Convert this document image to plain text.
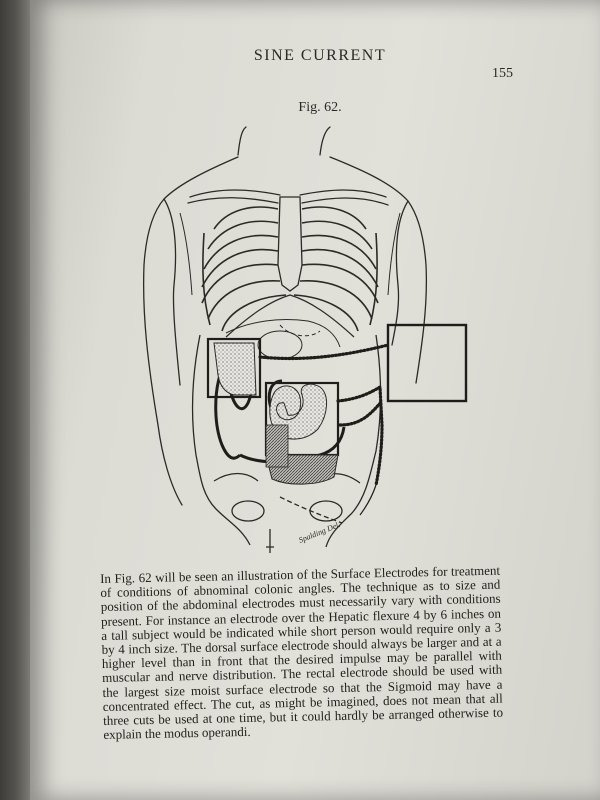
SINE CURRENT
155
Fig. 62.
Spalding Del.

In Fig. 62 will be seen an illustration of the Surface Electrodes for treatment of conditions of abnominal colonic angles. The technique as to size and position of the abdominal electrodes must necessarily vary with conditions present. For instance an electrode over the Hepatic flexure 4 by 6 inches on a tall subject would be indicated while short person would require only a 3 by 4 inch size. The dorsal surface electrode should always be larger and at a higher level than in front that the desired impulse may be parallel with muscular and nerve distribution. The rectal electrode should be used with the largest size moist surface electrode so that the Sigmoid may have a concentrated effect. The cut, as might be imagined, does not mean that all three cuts be used at one time, but it could hardly be arranged otherwise to explain the modus operandi.
